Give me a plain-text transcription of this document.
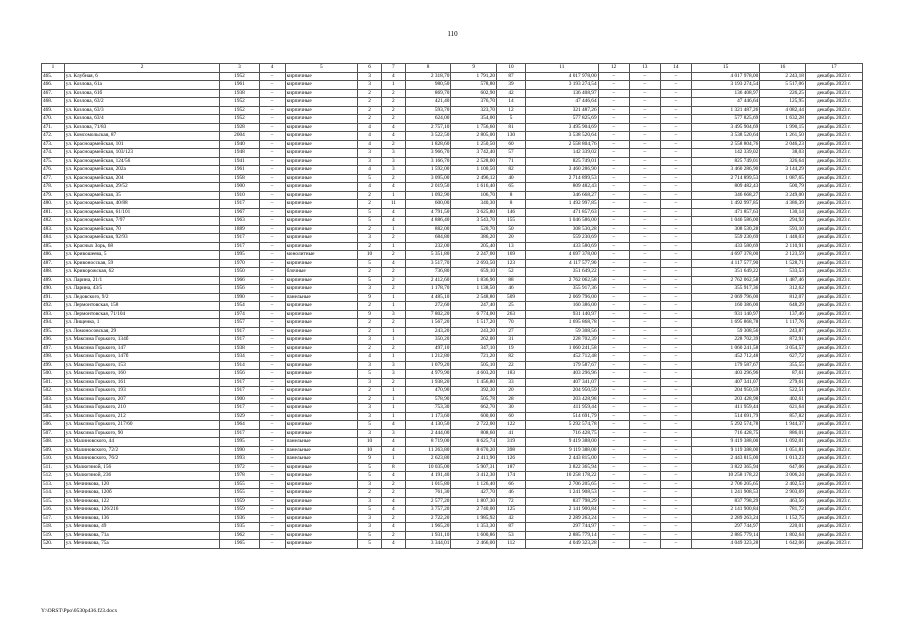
110
1	2	3	4	5	6	7	8	9	10	11	12	13	14	15	16	17
465.	ул. Клубная, 6	1952	–	кирпичные	3	4	2 318,70	1 791,20	87	4 017 978,00	–	–	–	4 017 978,00	2 243,18	декабрь 2023 г.
466.	ул. Козлова, 61а	1961	–	кирпичные	3	1	980,50	578,80	39	3 193 274,54	–	–	–	3 193 274,54	5 517,06	декабрь 2023 г.
467.	ул. Козлова, 61б	1938	–	кирпичные	2	2	869,70	602,90	42	136 408,97	–	–	–	136 408,97	226,25	декабрь 2023 г.
468.	ул. Козлова, 63/2	1952	–	кирпичные	2	2	421,40	376,70	14	47 446,64	–	–	–	47 446,64	125,95	декабрь 2023 г.
469.	ул. Козлова, 63/3	1952	–	кирпичные	2	2	593,70	323,70	12	321 487,26	–	–	–	1 321 487,26	4 082,44	декабрь 2023 г.
470.	ул. Козлова, 63/4	1952	–	кирпичные	2	2	624,00	354,00	5	577 825,69	–	–	–	577 825,69	1 632,28	декабрь 2023 г.
471.	ул. Козлова, 71/83	1928	–	кирпичные	4	4	2 757,10	1 756,60	81	3 495 904,69	–	–	–	3 495 904,69	1 990,15	декабрь 2023 г.
472.	ул. Комсомольская, 87	2004	–	кирпичные	4	4	3 522,50	2 805,00	130	3 538 520,64	–	–	–	3 538 520,64	1 261,50	декабрь 2023 г.
473.	ул. Красноармейская, 101	1940	–	кирпичные	4	2	1 828,60	1 250,50	60	2 558 804,76	–	–	–	2 558 804,76	2 046,23	декабрь 2023 г.
474.	ул. Красноармейская, 103/123	1948	–	кирпичные	3	3	3 966,70	3 742,40	57	142 339,02	–	–	–	142 339,02	38,03	декабрь 2023 г.
475.	ул. Красноармейская, 124/56	1941	–	кирпичные	3	3	3 166,70	2 528,00	71	825 749,01	–	–	–	825 749,01	326,64	декабрь 2023 г.
476.	ул. Красноармейская, 202а	1961	–	кирпичные	4	3	1 592,00	1 100,50	82	3 460 286,90	–	–	–	3 460 286,90	3 144,29	декабрь 2023 г.
477.	ул. Красноармейская, 204	1958	–	кирпичные	5	2	3 095,00	2 496,12	40	2 714 899,53	–	–	–	2 714 899,53	1 087,65	декабрь 2023 г.
478.	ул. Красноармейская, 29/52	1900	–	кирпичные	4	4	2 019,50	1 616,40	65	809 482,43	–	–	–	809 482,43	500,79	декабрь 2023 г.
479.	ул. Красноармейская, 35	1910	–	кирпичные	2	1	1 092,90	106,70	8	346 668,27	–	–	–	346 668,27	3 249,00	декабрь 2023 г.
480.	ул. Красноармейская, 40/88	1917	–	кирпичные	2	11	600,00	340,30	8	1 492 997,85	–	–	–	1 492 997,85	4 386,39	декабрь 2023 г.
481.	ул. Красноармейская, 61/101	1967	–	кирпичные	5	4	4 791,50	3 625,80	146	471 857,63	–	–	–	471 857,63	130,14	декабрь 2023 г.
482.	ул. Красноармейская, 7/97	1963	–	кирпичные	5	4	4 886,40	3 543,70	155	1 046 586,00	–	–	–	1 046 586,00	294,92	декабрь 2023 г.
483.	ул. Красноармейская, 70	1889	–	кирпичные	2	1	882,00	520,70	50	308 530,28	–	–	–	308 530,28	593,10	декабрь 2023 г.
484.	ул. Красноармейская, 92/93	1917	–	кирпичные	3	2	684,80	386,20	20	559 230,69	–	–	–	559 230,69	1 448,03	декабрь 2023 г.
485.	ул. Красных Зорь, 68	1917	–	кирпичные	2	1	232,00	205,40	13	433 580,69	–	–	–	433 580,69	2 110,91	декабрь 2023 г.
486.	ул. Кривошеева, 5	1995	–	монолитные	10	2	5 351,80	2 247,00	169	4 697 378,00	–	–	–	4 697 378,00	2 123,59	декабрь 2023 г.
487.	ул. Кривоносская, 59	1970	–	кирпичные	5	4	3 517,70	2 693,50	123	4 117 577,90	–	–	–	4 117 577,90	1 528,71	декабрь 2023 г.
488.	ул. Криворожская, 62	1950	–	блочные	2	2	736,80	659,10	52	351 649,22	–	–	–	351 649,22	533,53	декабрь 2023 г.
489.	ул. Ларина, 21/1	1966	–	кирпичные	5	2	2 412,60	1 836,90	88	2 762 062,58	–	–	–	2 762 062,58	1 487,46	декабрь 2023 г.
490.	ул. Ларина, 43/5	1956	–	кирпичные	3	2	1 178,70	1 138,50	46	355 917,36	–	–	–	355 917,36	312,62	декабрь 2023 г.
491.	ул. Ледовского, 9/2	1990	–	панельные	9	1	4 485,10	2 548,80	509	2 069 796,00	–	–	–	2 069 796,00	812,07	декабрь 2023 г.
492.	ул. Лермонтовская, 158	1954	–	кирпичные	2	1	272,60	247,40	25	160 386,00	–	–	–	160 386,00	648,29	декабрь 2023 г.
493.	ул. Лермонтовская, 71/104	1974	–	кирпичные	9	3	7 802,20	6 774,00	263	931 140,97	–	–	–	931 140,97	137,46	декабрь 2023 г.
494.	ул. Лищенко, 1	1957	–	кирпичные	2	2	1 567,20	1 517,20	70	1 695 868,78	–	–	–	1 695 868,78	1 117,76	декабрь 2023 г.
495.	ул. Ломоносовская, 29	1917	–	кирпичные	2	1	243,20	243,20	27	59 308,56	–	–	–	59 308,56	243,87	декабрь 2023 г.
496.	ул. Максима Горького, 134б	1917	–	кирпичные	3	1	350,20	262,00	31	228 702,39	–	–	–	228 702,39	872,91	декабрь 2023 г.
497.	ул. Максима Горького, 147	1938	–	кирпичные	2	2	497,10	347,10	19	1 060 241,58	–	–	–	1 060 241,58	3 054,57	декабрь 2023 г.
498.	ул. Максима Горького, 147б	1934	–	кирпичные	4	1	1 212,80	721,20	82	452 712,48	–	–	–	452 712,48	627,72	декабрь 2023 г.
499.	ул. Максима Горького, 153	1914	–	кирпичные	3	3	1 079,20	505,10	22	179 587,67	–	–	–	179 587,67	355,55	декабрь 2023 г.
500.	ул. Максима Горького, 160	1956	–	кирпичные	5	3	4 979,90	4 603,20	183	403 296,96	–	–	–	403 296,96	87,61	декабрь 2023 г.
501.	ул. Максима Горького, 161	1917	–	кирпичные	3	2	1 938,20	1 456,80	33	407 341,07	–	–	–	407 341,07	279,61	декабрь 2023 г.
502.	ул. Максима Горького, 193	1917	–	кирпичные	2	1	470,90	392,30	20	204 950,59	–	–	–	204 950,59	522,51	декабрь 2023 г.
503.	ул. Максима Горького, 207	1900	–	кирпичные	2	1	578,90	505,78	28	203 428,98	–	–	–	203 428,98	402,61	декабрь 2023 г.
504.	ул. Максима Горького, 210	1917	–	кирпичные	3	1	753,30	662,70	30	411 959,44	–	–	–	411 959,44	621,64	декабрь 2023 г.
505.	ул. Максима Горького, 212	1929	–	кирпичные	3	1	1 173,60	600,00	60	514 691,79	–	–	–	514 691,79	857,82	декабрь 2023 г.
506.	ул. Максима Горького, 217/60	1964	–	кирпичные	5	4	4 130,50	2 722,00	122	5 292 574,78	–	–	–	5 292 574,78	1 944,37	декабрь 2023 г.
507.	ул. Максима Горького, 90	1917	–	кирпичные	3	3	2 444,00	808,60	41	716 428,75	–	–	–	716 428,75	886,01	декабрь 2023 г.
508.	ул. Малиновского, 44	1995	–	панельные	10	4	8 719,00	8 625,74	319	9 419 388,00	–	–	–	9 419 388,00	1 092,01	декабрь 2023 г.
509.	ул. Малиновского, 72/2	1990	–	панельные	10	4	11 263,80	8 670,20	398	9 119 388,00	–	–	–	9 119 388,00	1 051,81	декабрь 2023 г.
510.	ул. Малиновского, 76/2	1993	–	панельные	9	1	2 623,80	2 411,90	126	2 443 815,00	–	–	–	2 443 815,00	1 013,23	декабрь 2023 г.
511.	ул. Малюгиной, 156	1972	–	кирпичные	5	8	10 035,00	5 907,31	187	3 822 365,94	–	–	–	3 822 365,94	647,06	декабрь 2023 г.
512.	ул. Малюгиной, 236	1978	–	кирпичные	5	4	4 191,40	3 412,30	174	10 258 178,22	–	–	–	10 258 178,22	3 006,24	декабрь 2023 г.
513.	ул. Мечникова, 120	1955	–	кирпичные	3	2	1 015,80	1 126,40	66	2 706 205,65	–	–	–	2 706 205,65	2 402,53	декабрь 2023 г.
514.	ул. Мечникова, 120б	1955	–	кирпичные	2	2	761,30	427,70	46	1 241 908,53	–	–	–	1 241 908,53	2 903,69	декабрь 2023 г.
515.	ул. Мечникова, 122	1959	–	кирпичные	3	4	2 577,20	1 807,30	72	837 798,29	–	–	–	837 798,29	463,56	декабрь 2023 г.
516.	ул. Мечникова, 126/216	1959	–	кирпичные	5	4	3 757,20	2 740,00	125	2 141 900,84	–	–	–	2 141 900,84	781,72	декабрь 2023 г.
517.	ул. Мечникова, 136	1936	–	кирпичные	3	2	2 722,20	1 985,92	42	2 289 263,24	–	–	–	2 289 263,24	1 152,75	декабрь 2023 г.
518.	ул. Мечникова, 49	1935	–	кирпичные	3	4	1 965,20	1 353,30	87	297 744,97	–	–	–	297 744,97	220,01	декабрь 2023 г.
519.	ул. Мечникова, 71а	1962	–	кирпичные	5	2	1 931,10	1 600,86	53	2 885 779,14	–	–	–	2 885 779,14	1 802,64	декабрь 2023 г.
520.	ул. Мечникова, 75а	1965	–	кирпичные	5	4	3 344,01	2 466,00	112	4 049 323,28	–	–	–	4 049 323,28	1 642,06	декабрь 2023 г.
Y:\ORST\Ppo\0530p436.f23.docx
